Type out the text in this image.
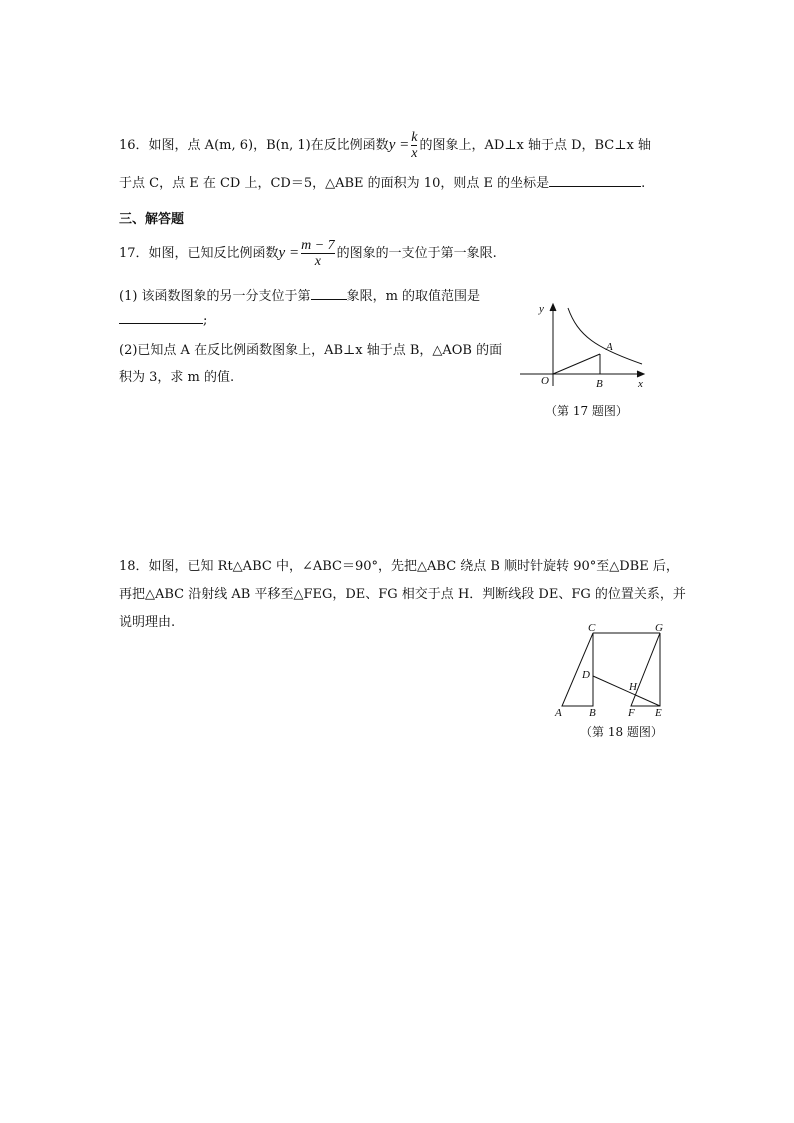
16．如图，点 A(m, 6)，B(n, 1)在反比例函数$y = \frac{k}{x}$ 的图象上，AD⊥x 轴于点 D，BC⊥x 轴
于点 C，点 E 在 CD 上，CD＝5，△ABE 的面积为 10，则点 E 的坐标是	.
三、解答题
17．如图，已知反比例函数$y = \frac{m - 7}{x}$ 的图象的一支位于第一象限.
(1) 该函数图象的另一分支位于第	象限，m 的取值范围是
;
(2)已知点 A 在反比例函数图象上，AB⊥x 轴于点 B，△AOB 的面
积为 3，求 m 的值.
y
x
O
A
B
（第 17 题图）
18．如图，已知 Rt△ABC 中，∠ABC＝90°，先把△ABC 绕点 B 顺时针旋转 90°至△DBE 后，
再把△ABC 沿射线 AB 平移至△FEG，DE、FG 相交于点 H．判断线段 DE、FG 的位置关系，并
说明理由.	C	G
D
H
A B	F E
（第 18 题图）
